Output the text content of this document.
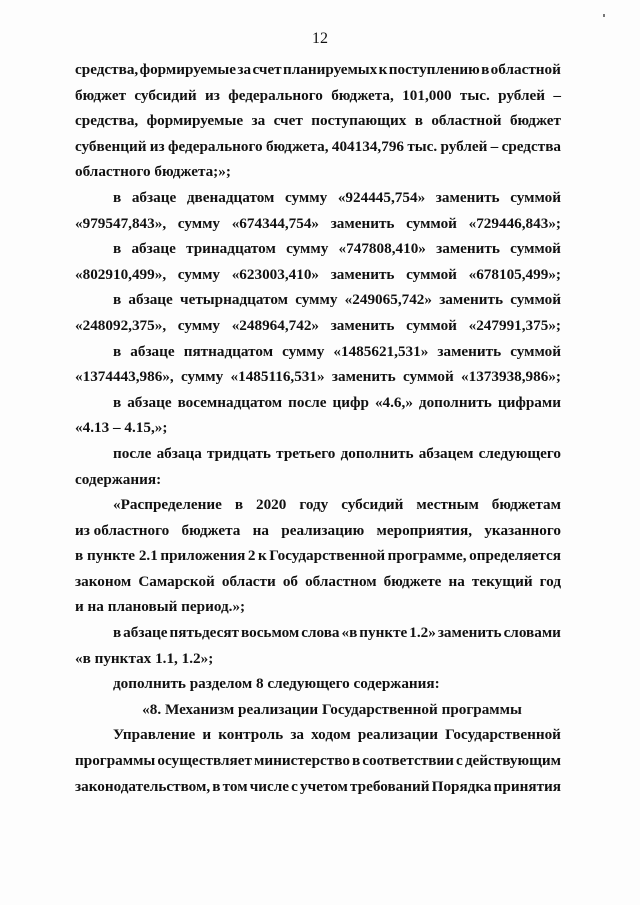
12
средства, формируемые за счет планируемых к поступлению в областной
бюджет субсидий из федерального бюджета, 101,000 тыс. рублей –
средства, формируемые за счет поступающих в областной бюджет
субвенций из федерального бюджета, 404134,796 тыс. рублей – средства
областного бюджета;»;
в абзаце двенадцатом сумму «924445,754» заменить суммой
«979547,843», сумму «674344,754» заменить суммой «729446,843»;
в абзаце тринадцатом сумму «747808,410» заменить суммой
«802910,499», сумму «623003,410» заменить суммой «678105,499»;
в абзаце четырнадцатом сумму «249065,742» заменить суммой
«248092,375», сумму «248964,742» заменить суммой «247991,375»;
в абзаце пятнадцатом сумму «1485621,531» заменить суммой
«1374443,986», сумму «1485116,531» заменить суммой «1373938,986»;
в абзаце восемнадцатом после цифр «4.6,» дополнить цифрами
«4.13 – 4.15,»;
после абзаца тридцать третьего дополнить абзацем следующего
содержания:
«Распределение в 2020 году субсидий местным бюджетам
из областного бюджета на реализацию мероприятия, указанного
в пункте 2.1 приложения 2 к Государственной программе, определяется
законом Самарской области об областном бюджете на текущий год
и на плановый период.»;
в абзаце пятьдесят восьмом слова «в пункте 1.2» заменить словами
«в пунктах 1.1, 1.2»;
дополнить разделом 8 следующего содержания:
«8. Механизм реализации Государственной программы
Управление и контроль за ходом реализации Государственной
программы осуществляет министерство в соответствии с действующим
законодательством, в том числе с учетом требований Порядка принятия
